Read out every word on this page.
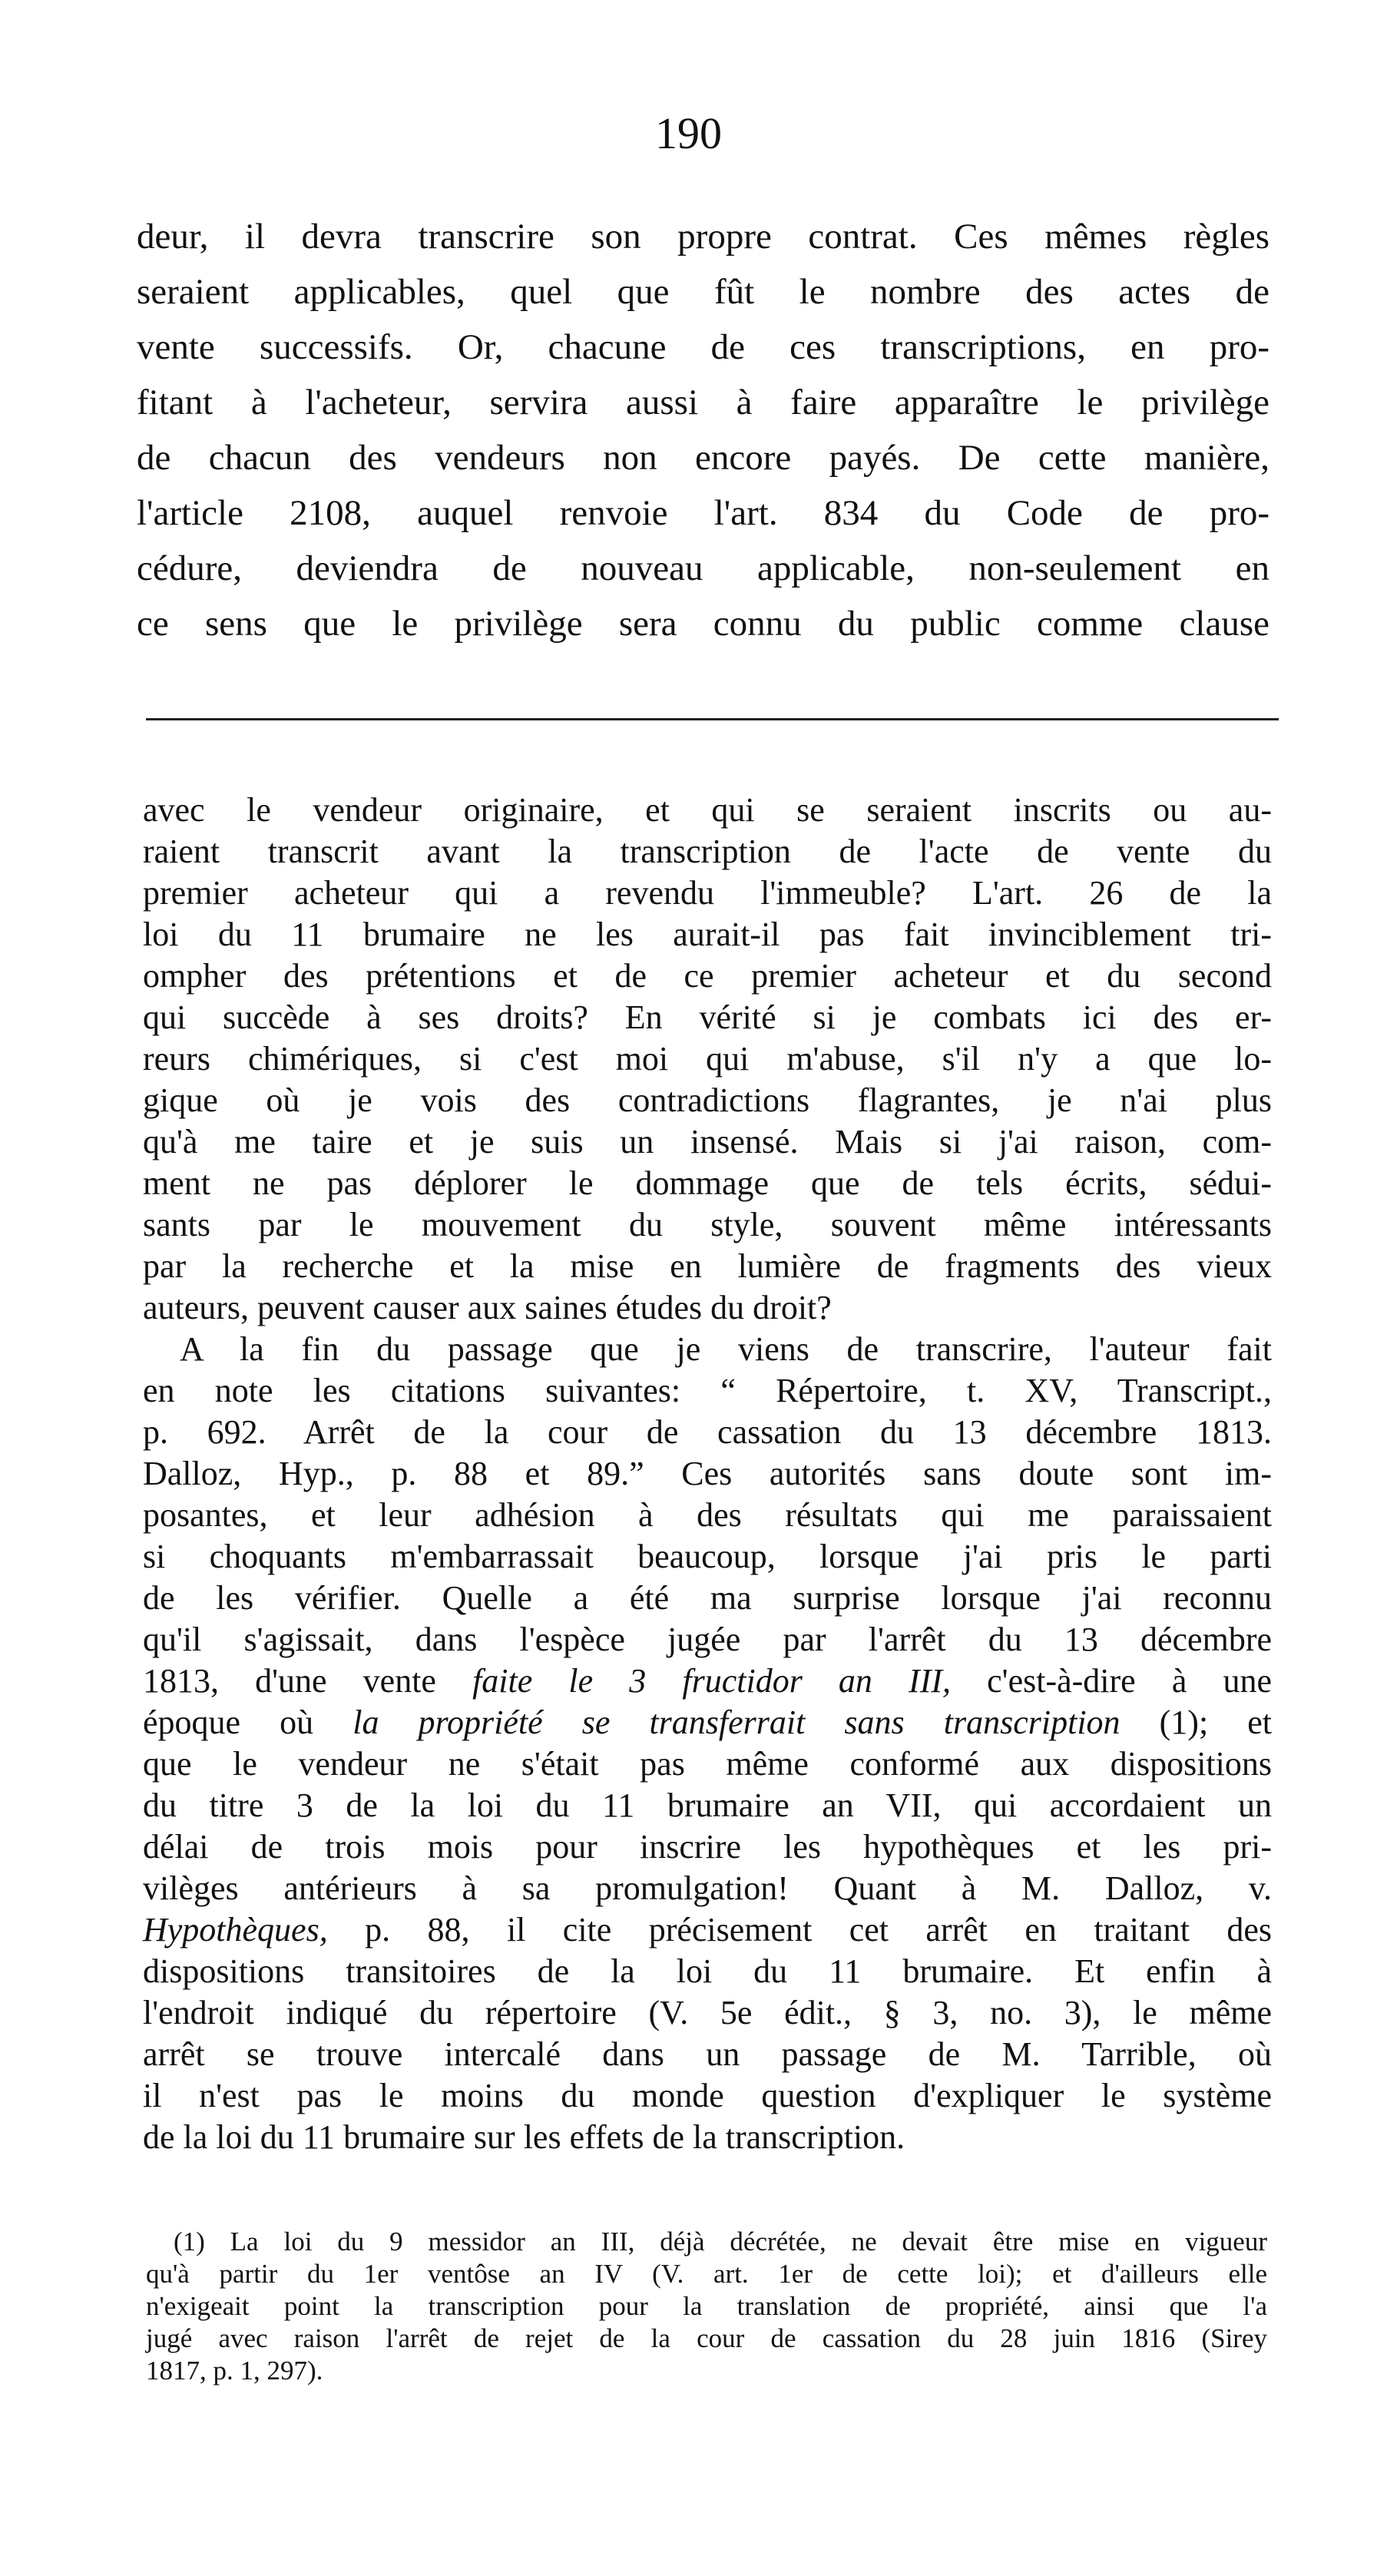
190
deur, il devra transcrire son propre contrat. Ces mêmes règles
seraient applicables, quel que fût le nombre des actes de
vente successifs. Or, chacune de ces transcriptions, en pro-
fitant à l'acheteur, servira aussi à faire apparaître le privilège
de chacun des vendeurs non encore payés. De cette manière,
l'article 2108, auquel renvoie l'art. 834 du Code de pro-
cédure, deviendra de nouveau applicable, non-seulement en
ce sens que le privilège sera connu du public comme clause
avec le vendeur originaire, et qui se seraient inscrits ou au-
raient transcrit avant la transcription de l'acte de vente du
premier acheteur qui a revendu l'immeuble? L'art. 26 de la
loi du 11 brumaire ne les aurait-il pas fait invinciblement tri-
ompher des prétentions et de ce premier acheteur et du second
qui succède à ses droits? En vérité si je combats ici des er-
reurs chimériques, si c'est moi qui m'abuse, s'il n'y a que lo-
gique où je vois des contradictions flagrantes, je n'ai plus
qu'à me taire et je suis un insensé. Mais si j'ai raison, com-
ment ne pas déplorer le dommage que de tels écrits, sédui-
sants par le mouvement du style, souvent même intéressants
par la recherche et la mise en lumière de fragments des vieux
auteurs, peuvent causer aux saines études du droit?
A la fin du passage que je viens de transcrire, l'auteur fait
en note les citations suivantes: “ Répertoire, t. XV, Transcript.,
p. 692. Arrêt de la cour de cassation du 13 décembre 1813.
Dalloz, Hyp., p. 88 et 89.” Ces autorités sans doute sont im-
posantes, et leur adhésion à des résultats qui me paraissaient
si choquants m'embarrassait beaucoup, lorsque j'ai pris le parti
de les vérifier. Quelle a été ma surprise lorsque j'ai reconnu
qu'il s'agissait, dans l'espèce jugée par l'arrêt du 13 décembre
1813, d'une vente faite le 3 fructidor an III, c'est-à-dire à une
époque où la propriété se transferrait sans transcription (1); et
que le vendeur ne s'était pas même conformé aux dispositions
du titre 3 de la loi du 11 brumaire an VII, qui accordaient un
délai de trois mois pour inscrire les hypothèques et les pri-
vilèges antérieurs à sa promulgation! Quant à M. Dalloz, v.
Hypothèques, p. 88, il cite précisement cet arrêt en traitant des
dispositions transitoires de la loi du 11 brumaire. Et enfin à
l'endroit indiqué du répertoire (V. 5e édit., § 3, no. 3), le même
arrêt se trouve intercalé dans un passage de M. Tarrible, où
il n'est pas le moins du monde question d'expliquer le système
de la loi du 11 brumaire sur les effets de la transcription.
(1) La loi du 9 messidor an III, déjà décrétée, ne devait être mise en vigueur
qu'à partir du 1er ventôse an IV (V. art. 1er de cette loi); et d'ailleurs elle
n'exigeait point la transcription pour la translation de propriété, ainsi que l'a
jugé avec raison l'arrêt de rejet de la cour de cassation du 28 juin 1816 (Sirey
1817, p. 1, 297).
